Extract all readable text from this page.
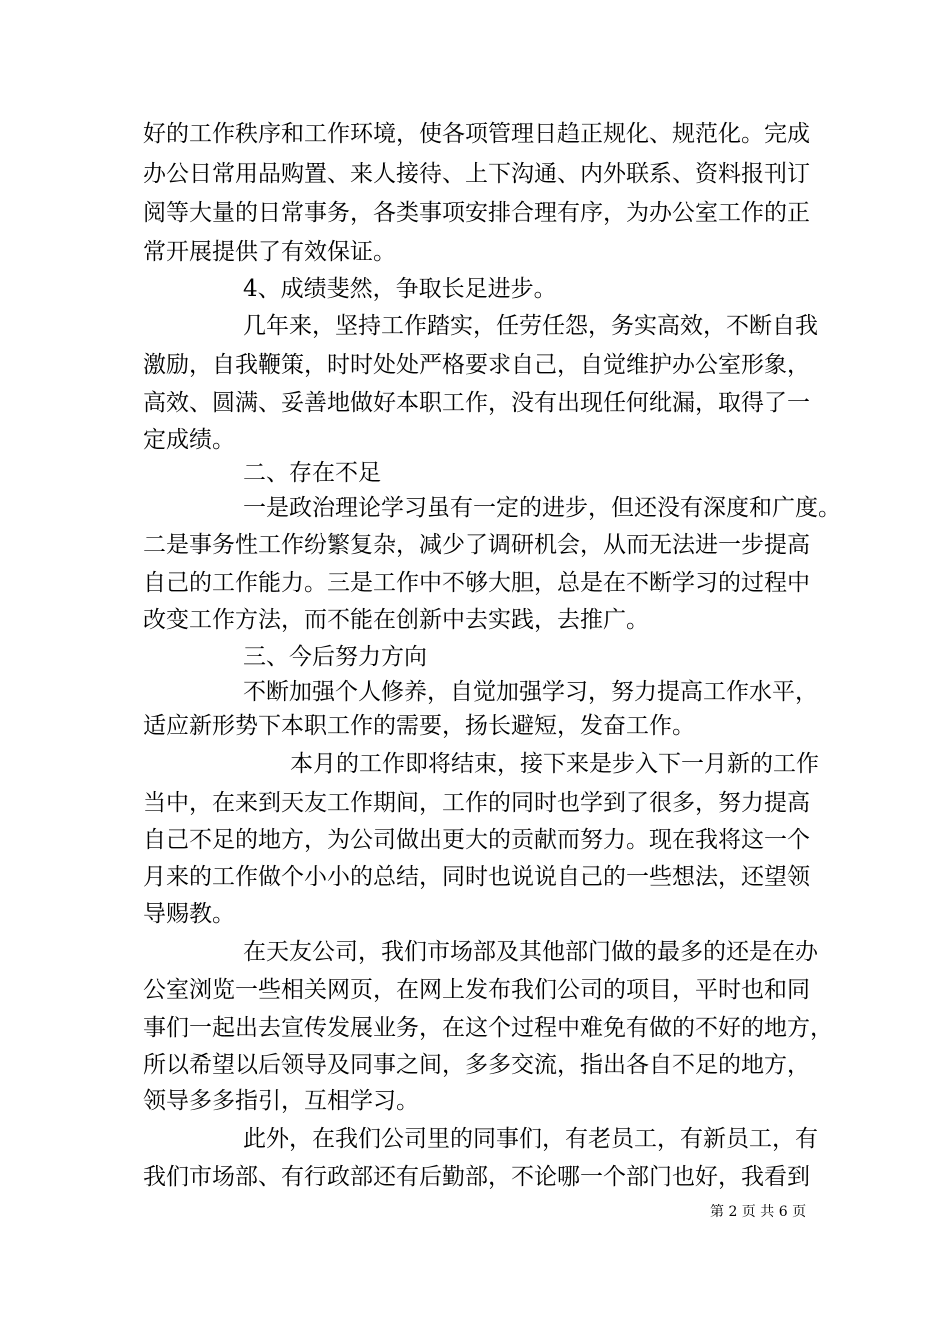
好的工作秩序和工作环境，使各项管理日趋正规化、规范化。完成
办公日常用品购置、来人接待、上下沟通、内外联系、资料报刊订
阅等大量的日常事务，各类事项安排合理有序，为办公室工作的正
常开展提供了有效保证。
4、成绩斐然，争取长足进步。
几年来，坚持工作踏实，任劳任怨，务实高效，不断自我
激励，自我鞭策，时时处处严格要求自己，自觉维护办公室形象，
高效、圆满、妥善地做好本职工作，没有出现任何纰漏，取得了一
定成绩。
二、存在不足
一是政治理论学习虽有一定的进步，但还没有深度和广度。
二是事务性工作纷繁复杂，减少了调研机会，从而无法进一步提高
自己的工作能力。三是工作中不够大胆，总是在不断学习的过程中
改变工作方法，而不能在创新中去实践，去推广。
三、今后努力方向
不断加强个人修养，自觉加强学习，努力提高工作水平，
适应新形势下本职工作的需要，扬长避短，发奋工作。
本月的工作即将结束，接下来是步入下一月新的工作
当中，在来到天友工作期间，工作的同时也学到了很多，努力提高
自己不足的地方，为公司做出更大的贡献而努力。现在我将这一个
月来的工作做个小小的总结，同时也说说自己的一些想法，还望领
导赐教。
在天友公司，我们市场部及其他部门做的最多的还是在办
公室浏览一些相关网页，在网上发布我们公司的项目，平时也和同
事们一起出去宣传发展业务，在这个过程中难免有做的不好的地方，
所以希望以后领导及同事之间，多多交流，指出各自不足的地方，
领导多多指引，互相学习。
此外，在我们公司里的同事们，有老员工，有新员工，有
我们市场部、有行政部还有后勤部，不论哪一个部门也好，我看到
第 2 页 共 6 页
